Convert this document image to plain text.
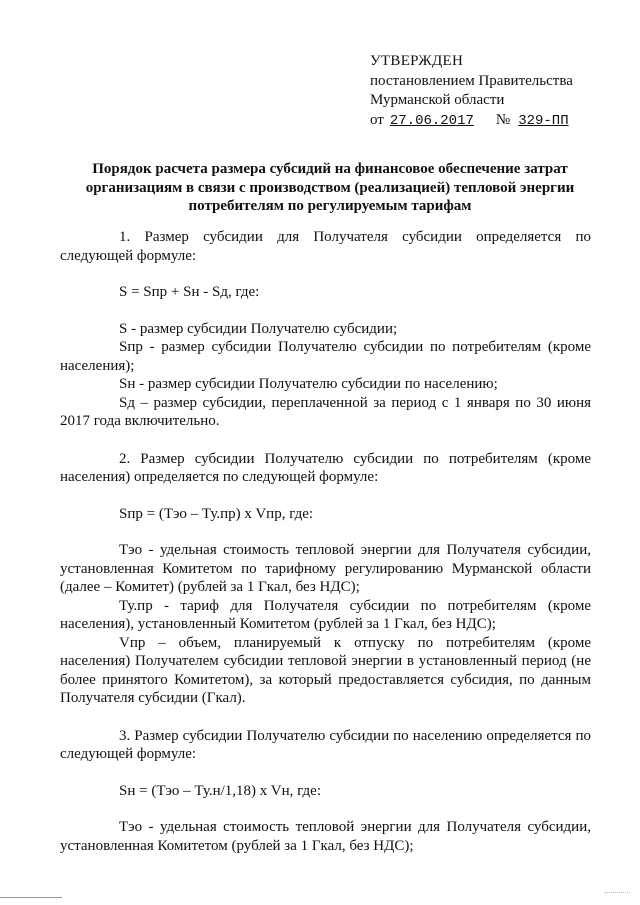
УТВЕРЖДЕН
постановлением Правительства
Мурманской области
от 27.06.2017 № 329-ПП
Порядок расчета размера субсидий на финансовое обеспечение затрат организациям в связи с производством (реализацией) тепловой энергии потребителям по регулируемым тарифам

1. Размер субсидии для Получателя субсидии определяется по следующей формуле:

S = Sпр + Sн - Sд, где:

S - размер субсидии Получателю субсидии;

Sпр - размер субсидии Получателю субсидии по потребителям (кроме населения);

Sн - размер субсидии Получателю субсидии по населению;

Sд – размер субсидии, переплаченной за период с 1 января по 30 июня 2017 года включительно.

2. Размер субсидии Получателю субсидии по потребителям (кроме населения) определяется по следующей формуле:

Sпр = (Тэо – Ту.пр) x Vпр, где:

Тэо - удельная стоимость тепловой энергии для Получателя субсидии, установленная Комитетом по тарифному регулированию Мурманской области (далее – Комитет) (рублей за 1 Гкал, без НДС);

Ту.пр - тариф для Получателя субсидии по потребителям (кроме населения), установленный Комитетом (рублей за 1 Гкал, без НДС);

Vпр – объем, планируемый к отпуску по потребителям (кроме населения) Получателем субсидии тепловой энергии в установленный период (не более принятого Комитетом), за который предоставляется субсидия, по данным Получателя субсидии (Гкал).

3. Размер субсидии Получателю субсидии по населению определяется по следующей формуле:

Sн = (Тэо – Ту.н/1,18) x Vн, где:

Тэо - удельная стоимость тепловой энергии для Получателя субсидии, установленная Комитетом (рублей за 1 Гкал, без НДС);
